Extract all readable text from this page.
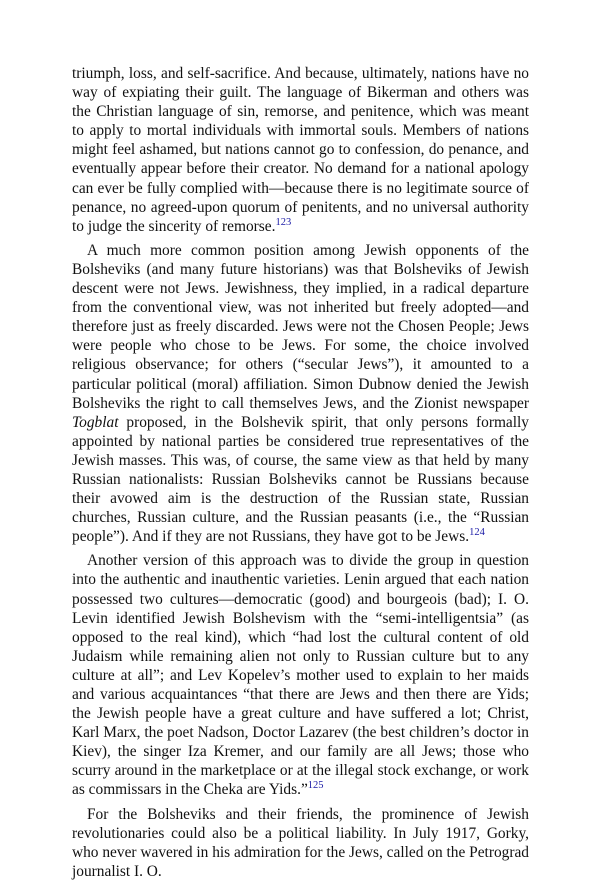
triumph, loss, and self-sacrifice. And because, ultimately, nations have no way of expiating their guilt. The language of Bikerman and others was the Christian language of sin, remorse, and penitence, which was meant to apply to mortal individuals with immortal souls. Members of nations might feel ashamed, but nations cannot go to confession, do penance, and eventually appear before their creator. No demand for a national apology can ever be fully complied with—because there is no legitimate source of penance, no agreed-upon quorum of penitents, and no universal authority to judge the sincerity of remorse.$^{123}$

A much more common position among Jewish opponents of the Bolsheviks (and many future historians) was that Bolsheviks of Jewish descent were not Jews. Jewishness, they implied, in a radical departure from the conventional view, was not inherited but freely adopted—and therefore just as freely discarded. Jews were not the Chosen People; Jews were people who chose to be Jews. For some, the choice involved religious observance; for others (“secular Jews”), it amounted to a particular political (moral) affiliation. Simon Dubnow denied the Jewish Bolsheviks the right to call themselves Jews, and the Zionist newspaper Togblat proposed, in the Bolshevik spirit, that only persons formally appointed by national parties be considered true representatives of the Jewish masses. This was, of course, the same view as that held by many Russian nationalists: Russian Bolsheviks cannot be Russians because their avowed aim is the destruction of the Russian state, Russian churches, Russian culture, and the Russian peasants (i.e., the “Russian people”). And if they are not Russians, they have got to be Jews.$^{124}$

Another version of this approach was to divide the group in question into the authentic and inauthentic varieties. Lenin argued that each nation possessed two cultures—democratic (good) and bourgeois (bad); I. O. Levin identified Jewish Bolshevism with the “semi-intelligentsia” (as opposed to the real kind), which “had lost the cultural content of old Judaism while remaining alien not only to Russian culture but to any culture at all”; and Lev Kopelev’s mother used to explain to her maids and various acquaintances “that there are Jews and then there are Yids; the Jewish people have a great culture and have suffered a lot; Christ, Karl Marx, the poet Nadson, Doctor Lazarev (the best children’s doctor in Kiev), the singer Iza Kremer, and our family are all Jews; those who scurry around in the marketplace or at the illegal stock exchange, or work as commissars in the Cheka are Yids.”$^{125}$

For the Bolsheviks and their friends, the prominence of Jewish revolutionaries could also be a political liability. In July 1917, Gorky, who never wavered in his admiration for the Jews, called on the Petrograd journalist I. O.
